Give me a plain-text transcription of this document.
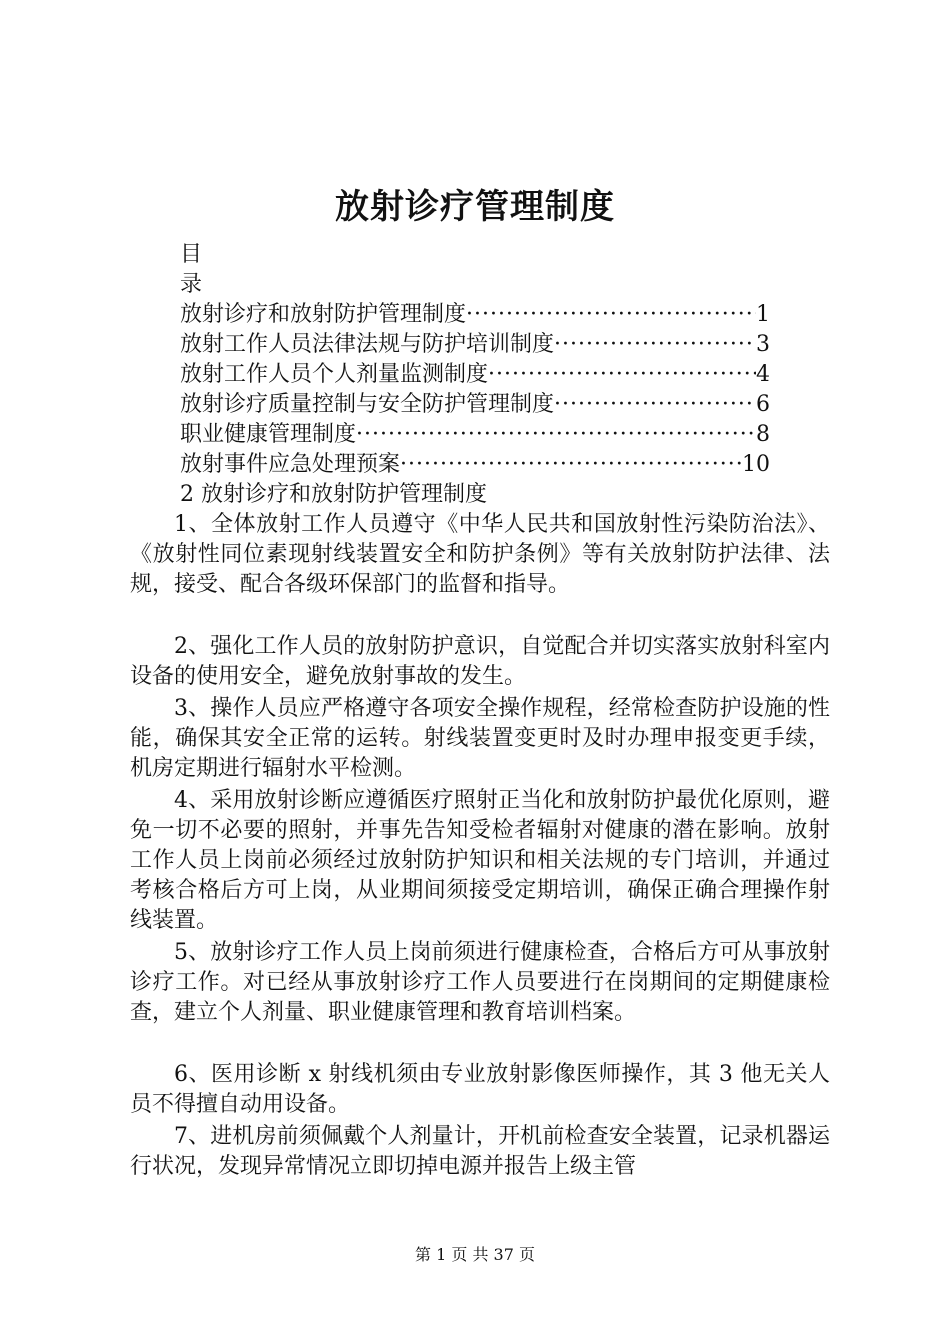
放射诊疗管理制度
目
录
放射诊疗和放射防护管理制度 ·····	1
放射工作人员法律法规与防护培训制度 ·····	3
放射工作人员个人剂量监测制度 ·····	4
放射诊疗质量控制与安全防护管理制度 ·····	6
职业健康管理制度 ·····	8
放射事件应急处理预案 ·····	10
2 放射诊疗和放射防护管理制度
1、全体放射工作人员遵守《中华人民共和国放射性污染防治法》、《放射性同位素现射线装置安全和防护条例》等有关放射防护法律、法规，接受、配合各级环保部门的监督和指导。
2、强化工作人员的放射防护意识，自觉配合并切实落实放射科室内设备的使用安全，避免放射事故的发生。
3、操作人员应严格遵守各项安全操作规程，经常检查防护设施的性能，确保其安全正常的运转。射线装置变更时及时办理申报变更手续，机房定期进行辐射水平检测。
4、采用放射诊断应遵循医疗照射正当化和放射防护最优化原则，避免一切不必要的照射，并事先告知受检者辐射对健康的潜在影响。放射工作人员上岗前必须经过放射防护知识和相关法规的专门培训，并通过考核合格后方可上岗，从业期间须接受定期培训，确保正确合理操作射线装置。
5、放射诊疗工作人员上岗前须进行健康检查，合格后方可从事放射诊疗工作。对已经从事放射诊疗工作人员要进行在岗期间的定期健康检查，建立个人剂量、职业健康管理和教育培训档案。
6、医用诊断 x 射线机须由专业放射影像医师操作，其 3 他无关人员不得擅自动用设备。
7、进机房前须佩戴个人剂量计，开机前检查安全装置，记录机器运行状况，发现异常情况立即切掉电源并报告上级主管
第 1 页 共 37 页
